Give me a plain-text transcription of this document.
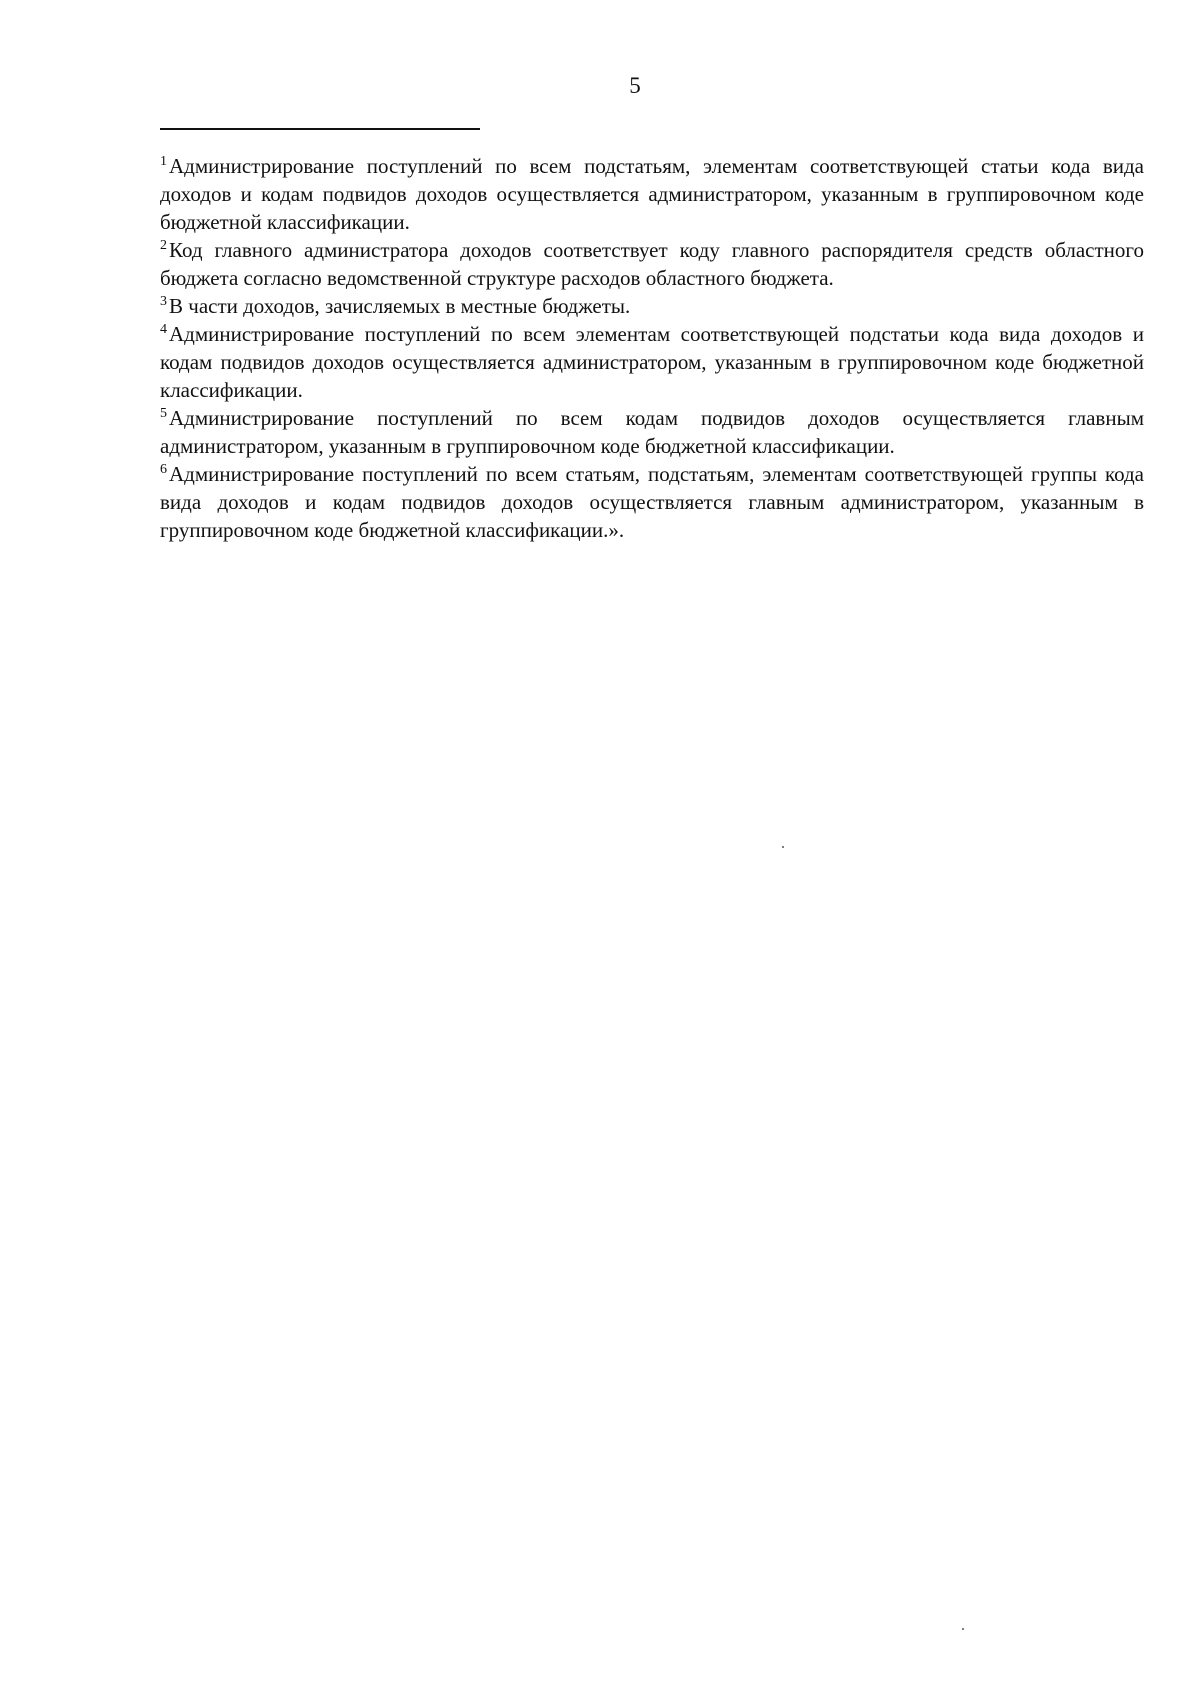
5

$^1$Администрирование поступлений по всем подстатьям, элементам соответствующей статьи кода вида доходов и кодам подвидов доходов осуществляется администратором, указанным в группировочном коде бюджетной классификации.

$^2$Код главного администратора доходов соответствует коду главного распорядителя средств областного бюджета согласно ведомственной структуре расходов областного бюджета.

$^3$В части доходов, зачисляемых в местные бюджеты.

$^4$Администрирование поступлений по всем элементам соответствующей подстатьи кода вида доходов и кодам подвидов доходов осуществляется администратором, указанным в группировочном коде бюджетной классификации.

$^5$Администрирование поступлений по всем кодам подвидов доходов осуществляется главным администратором, указанным в группировочном коде бюджетной классификации.

$^6$Администрирование поступлений по всем статьям, подстатьям, элементам соответствующей группы кода вида доходов и кодам подвидов доходов осуществляется главным администратором, указанным в группировочном коде бюджетной классификации.».
